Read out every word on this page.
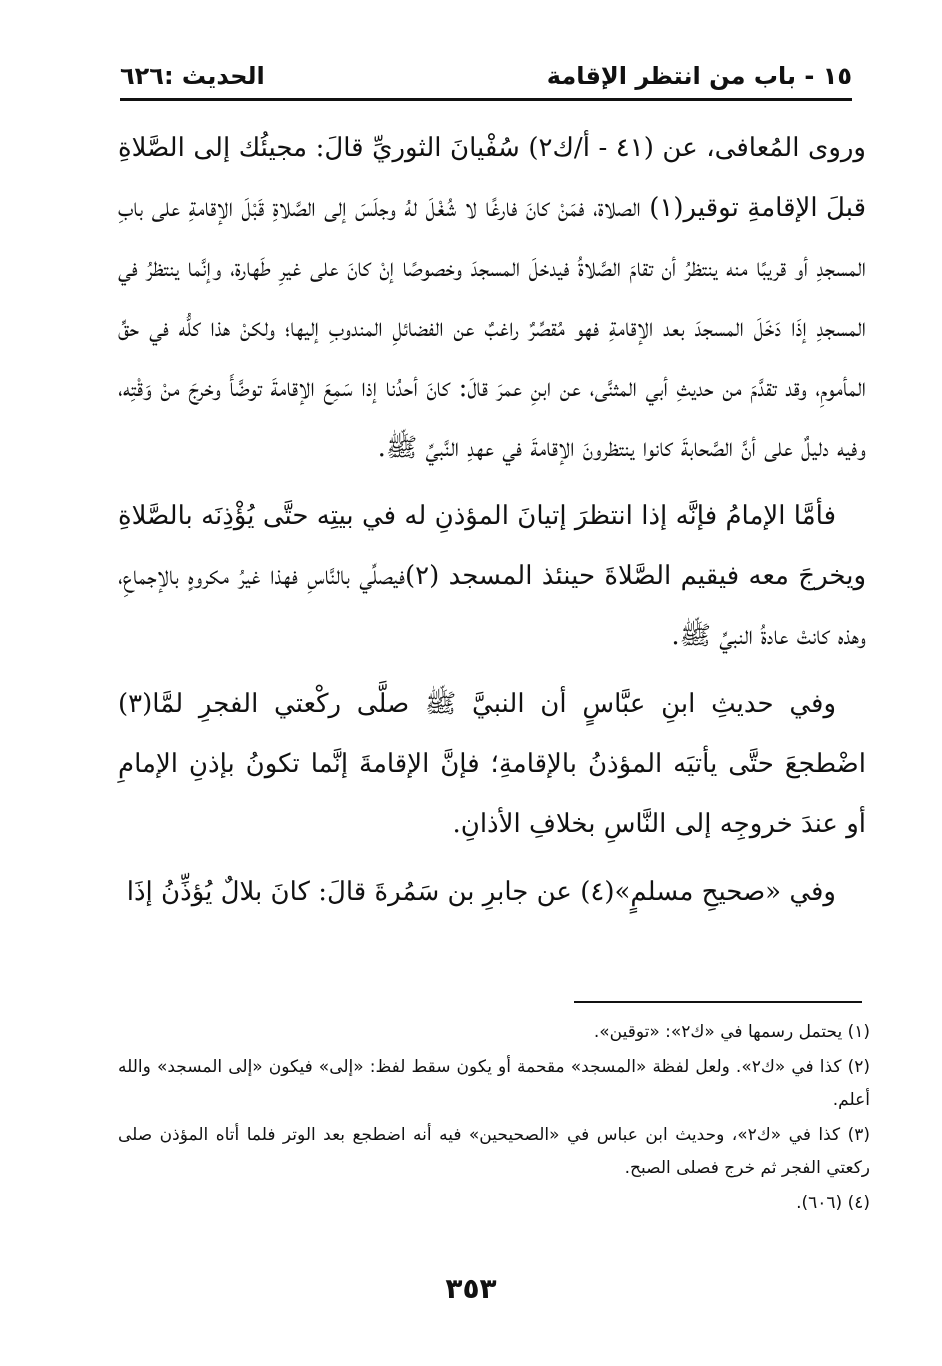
١٥ - باب من انتظر الإقامة
الحديث :٦٢٦

وروى المُعافى، عن (٤١ - أ/ك٢) سُفْيانَ الثوريِّ قالَ: مجيئُك إلى الصَّلاةِ قبلَ الإقامةِ توقير(١) الصلاة، فمَنْ كانَ فارغًا لا شُغْلَ لهُ وجلَسَ إلى الصَّلاةِ قَبْلَ الإقامةِ على بابِ المسجدِ أو قريبًا منه ينتظرُ أن تقامَ الصَّلاةُ فيدخلَ المسجدَ وخصوصًا إنْ كانَ على غيرِ طَهارة، وإنَّما ينتظرُ في المسجدِ إذَا دَخَلَ المسجدَ بعد الإقامةِ فهو مُقصِّرٌ راغبٌ عن الفضائلِ المندوبِ إليها؛ ولكنْ هذا كلُّه في حقِّ المأمومِ، وقد تقدَّمَ من حديثِ أبي المثنَّى، عن ابنِ عمرَ قالَ: كانَ أحدُنا إذا سَمِعَ الإقامةَ توضَّأَ وخرجَ منْ وَقْتِه، وفيه دليلٌ على أنَّ الصَّحابةَ كانوا ينتظرونَ الإقامةَ في عهدِ النَّبيِّ ﷺ.

فأمَّا الإمامُ فإنَّه إذا انتظرَ إتيانَ المؤذنِ له في بيتِه حتَّى يُؤْذِنَه بالصَّلاةِ ويخرجَ معه فيقيم الصَّلاةَ حينئذ المسجد (٢)فيصلِّي بالنَّاسِ فهذا غيرُ مكروهٍ بالإجماعِ، وهذه كانتْ عادةُ النبيِّ ﷺ.

وفي حديثِ ابنِ عبَّاسٍ أن النبيَّ ﷺ صلَّى ركْعتي الفجرِ لمَّا(٣) اضْطجعَ حتَّى يأتيَه المؤذنُ بالإقامةِ؛ فإنَّ الإقامةَ إنَّما تكونُ بإذنِ الإمامِ أو عندَ خروجِه إلى النَّاسِ بخلافِ الأذانِ.

وفي «صحيحِ مسلمٍ»(٤) عن جابرِ بن سَمُرةَ قالَ: كانَ بلالٌ يُؤذِّنُ إذَا

(١) يحتمل رسمها في «ك٢»: «توقين».

(٢) كذا في «ك٢». ولعل لفظة «المسجد» مقحمة أو يكون سقط لفظ: «إلى» فيكون «إلى المسجد» والله أعلم.

(٣) كذا في «ك٢»، وحديث ابن عباس في «الصحيحين» فيه أنه اضطجع بعد الوتر فلما أتاه المؤذن صلى ركعتي الفجر ثم خرج فصلى الصبح.

(٤) (٦٠٦).

٣٥٣
